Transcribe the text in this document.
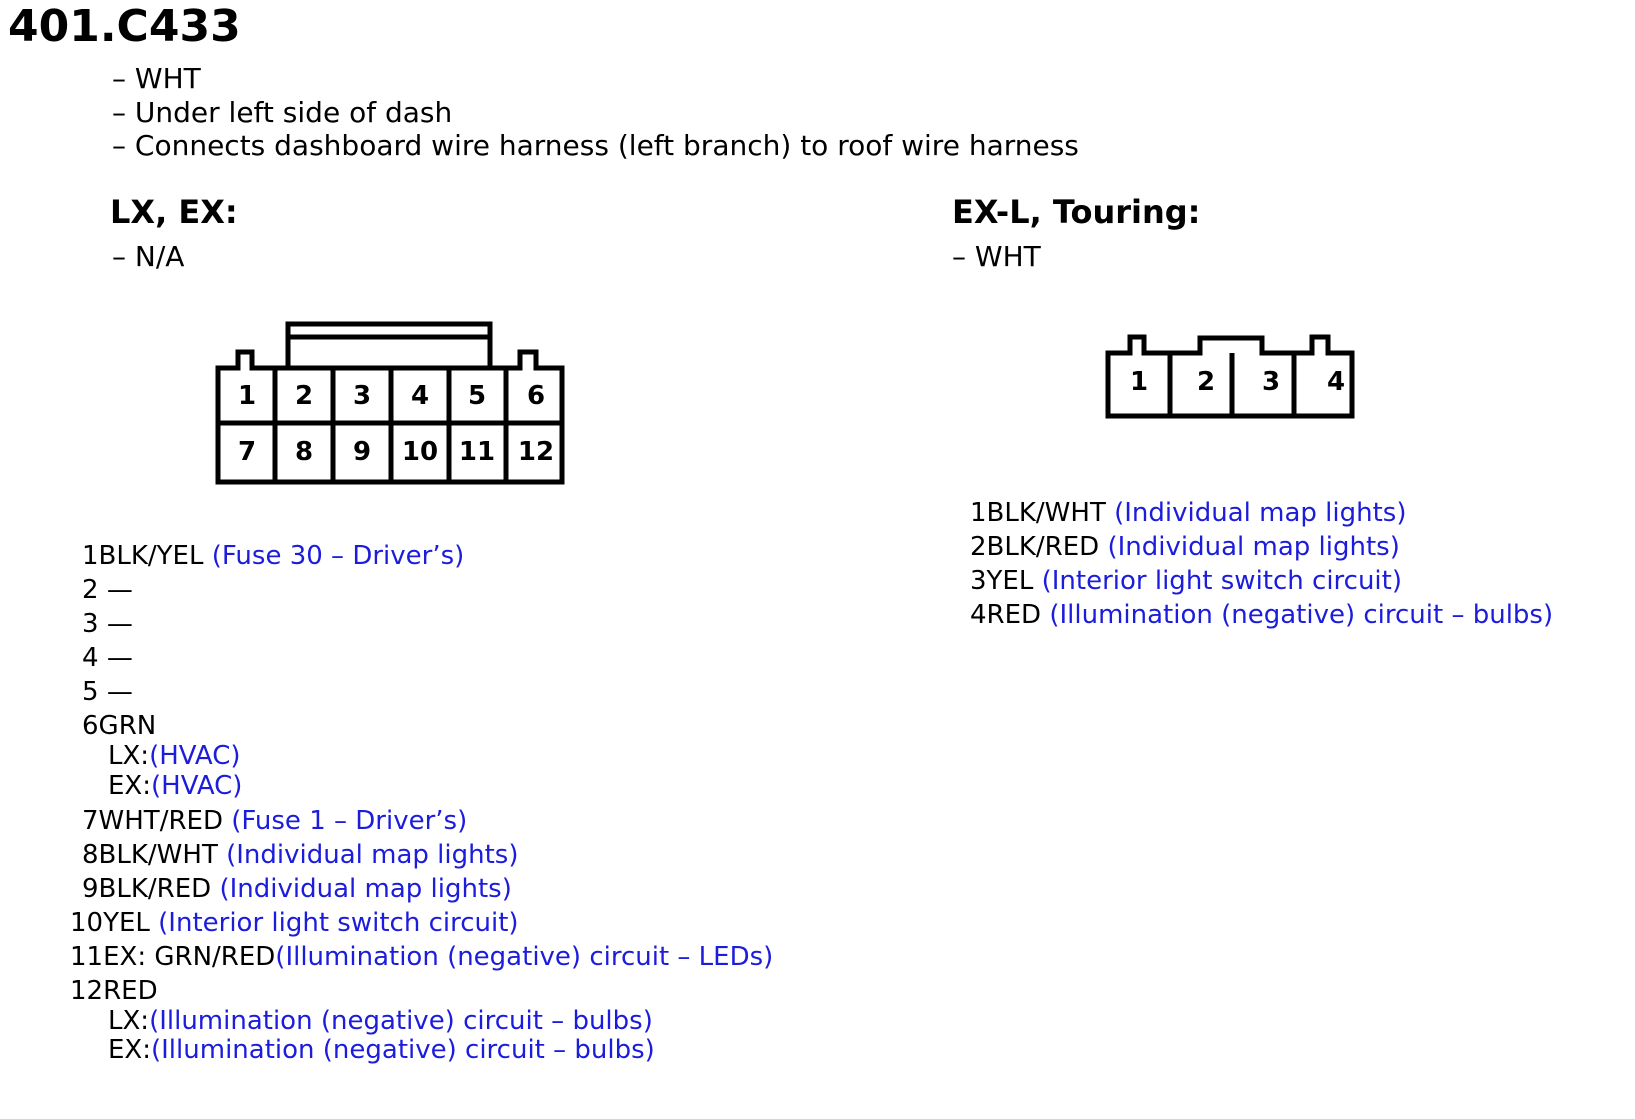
401.C433
– WHT
– Under left side of dash
– Connects dashboard wire harness (left branch) to roof wire harness
LX, EX:
– N/A
1 2 3 4 5 6
7 8 9 10 11 12
1BLK/YEL (Fuse 30 – Driver’s)
2 —
3 —
4 —
5 —
6GRN
LX:(HVAC)
EX:(HVAC)
7WHT/RED (Fuse 1 – Driver’s)
8BLK/WHT (Individual map lights)
9BLK/RED (Individual map lights)
10YEL (Interior light switch circuit)
11EX: GRN/RED(Illumination (negative) circuit – LEDs)
12RED
LX:(Illumination (negative) circuit – bulbs)
EX:(Illumination (negative) circuit – bulbs)
EX-L, Touring:
– WHT
1 2 3 4
1BLK/WHT (Individual map lights)
2BLK/RED (Individual map lights)
3YEL (Interior light switch circuit)
4RED (Illumination (negative) circuit – bulbs)
